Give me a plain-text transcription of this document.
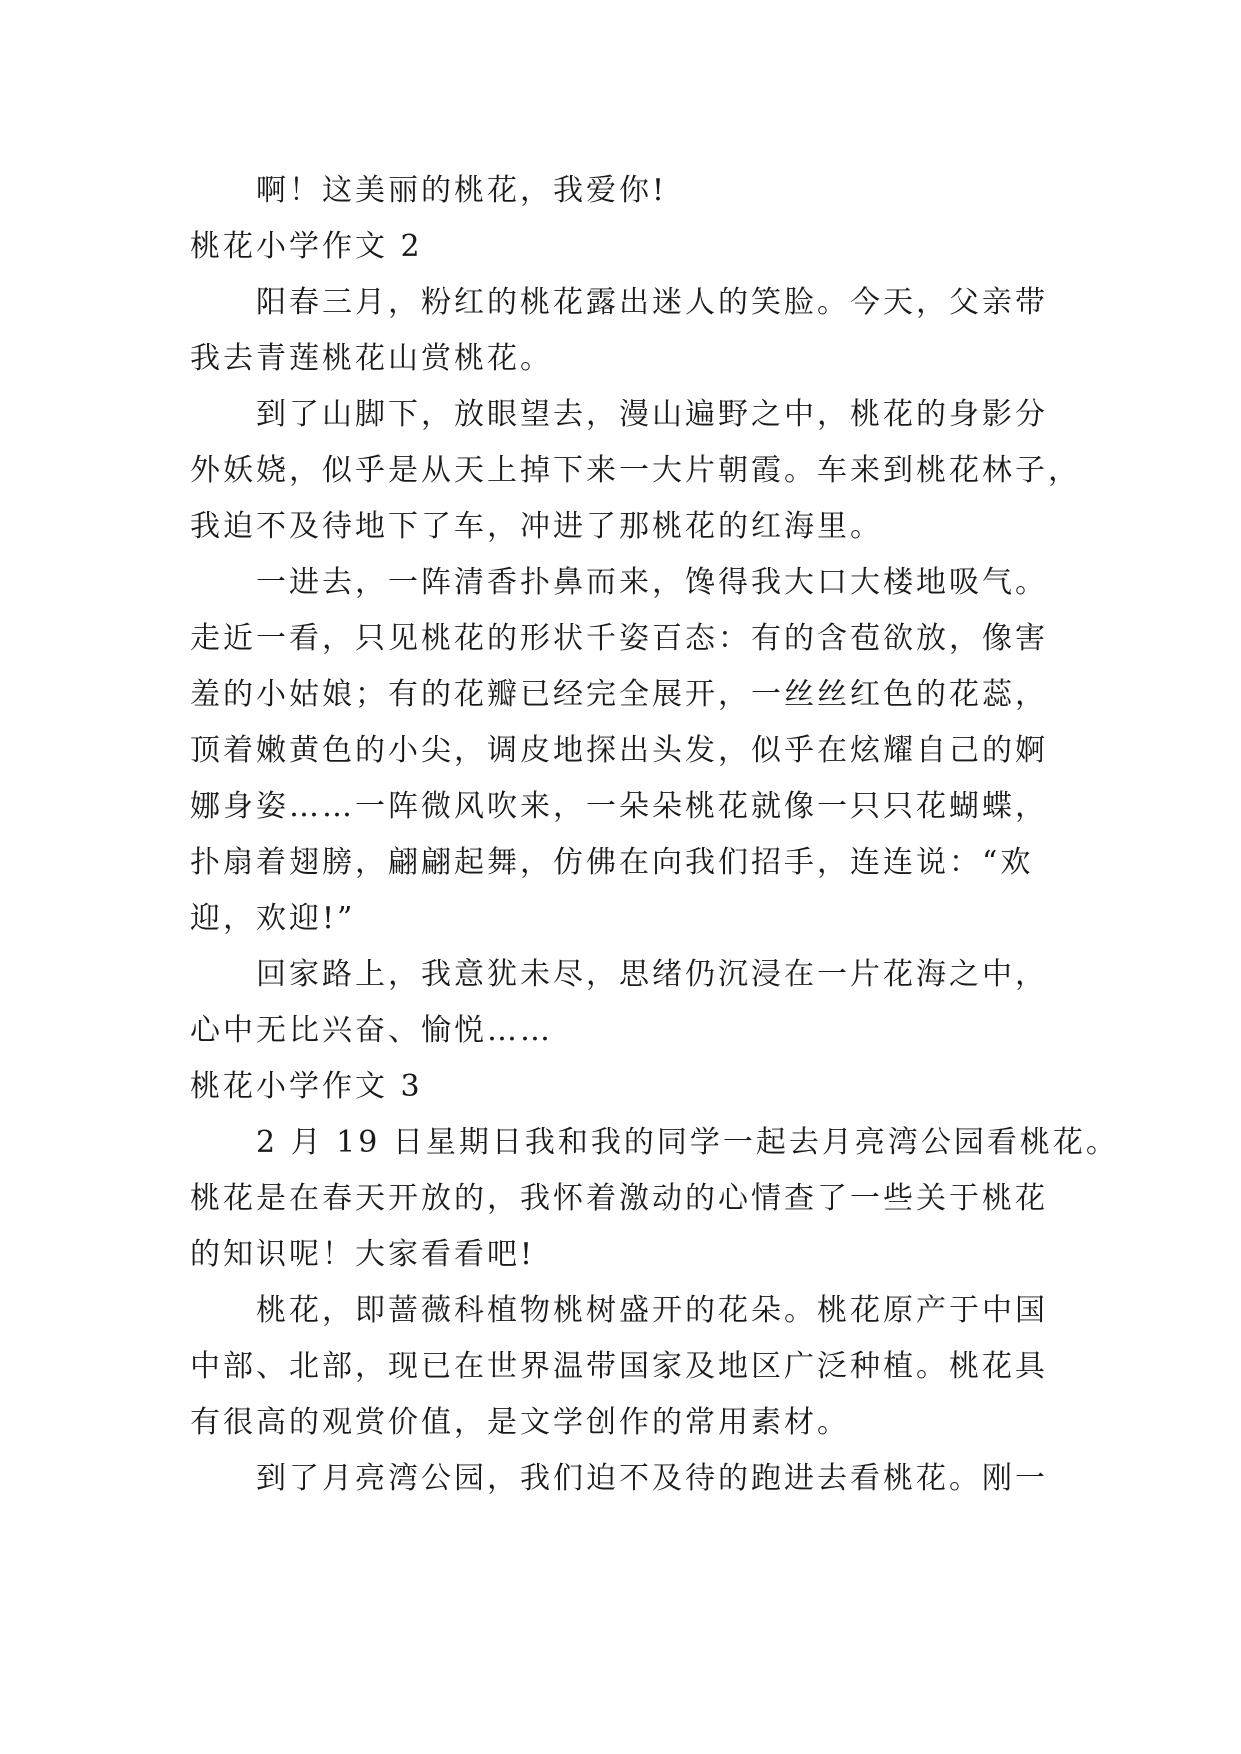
啊！这美丽的桃花，我爱你!
桃花小学作文 2
阳春三月，粉红的桃花露出迷人的笑脸。今天，父亲带
我去青莲桃花山赏桃花。
到了山脚下，放眼望去，漫山遍野之中，桃花的身影分
外妖娆，似乎是从天上掉下来一大片朝霞。车来到桃花林子，
我迫不及待地下了车，冲进了那桃花的红海里。
一进去，一阵清香扑鼻而来，馋得我大口大楼地吸气。
走近一看，只见桃花的形状千姿百态：有的含苞欲放，像害
羞的小姑娘；有的花瓣已经完全展开，一丝丝红色的花蕊，
顶着嫩黄色的小尖，调皮地探出头发，似乎在炫耀自己的婀
娜身姿……一阵微风吹来，一朵朵桃花就像一只只花蝴蝶，
扑扇着翅膀，翩翩起舞，仿佛在向我们招手，连连说：“欢
迎，欢迎!”
回家路上，我意犹未尽，思绪仍沉浸在一片花海之中，
心中无比兴奋、愉悦……
桃花小学作文 3
2 月 19 日星期日我和我的同学一起去月亮湾公园看桃花。
桃花是在春天开放的，我怀着激动的心情查了一些关于桃花
的知识呢！大家看看吧!
桃花，即蔷薇科植物桃树盛开的花朵。桃花原产于中国
中部、北部，现已在世界温带国家及地区广泛种植。桃花具
有很高的观赏价值，是文学创作的常用素材。
到了月亮湾公园，我们迫不及待的跑进去看桃花。刚一
